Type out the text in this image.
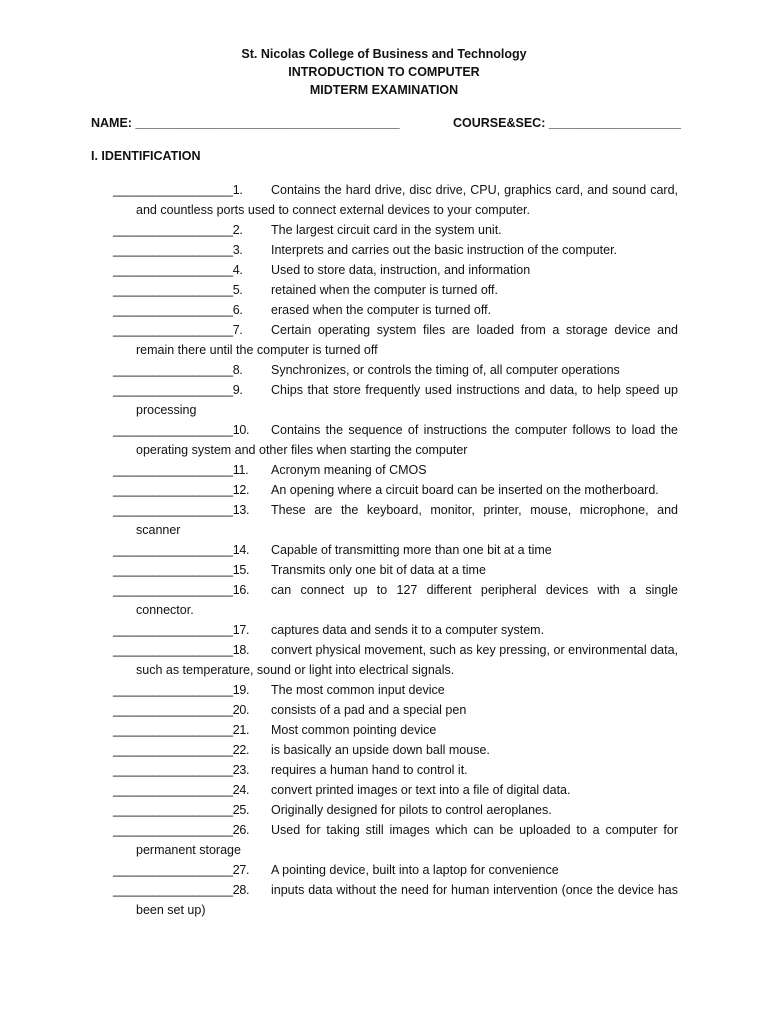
St. Nicolas College of Business and Technology
INTRODUCTION TO COMPUTER
MIDTERM EXAMINATION
NAME: ______________________________________	COURSE&SEC: ___________________
I. IDENTIFICATION
__________________1.	Contains the hard drive, disc drive, CPU, graphics card, and sound card, and countless ports used to connect external devices to your computer.
__________________2.	The largest circuit card in the system unit.
__________________3.	Interprets and carries out the basic instruction of the computer.
__________________4.	Used to store data, instruction, and information
__________________5.	retained when the computer is turned off.
__________________6.	erased when the computer is turned off.
__________________7.	Certain operating system files are loaded from a storage device and remain there until the computer is turned off
__________________8.	Synchronizes, or controls the timing of, all computer operations
__________________9.	Chips that store frequently used instructions and data, to help speed up processing
__________________10.	Contains the sequence of instructions the computer follows to load the operating system and other files when starting the computer
__________________11.	Acronym meaning of CMOS
__________________12.	An opening where a circuit board can be inserted on the motherboard.
__________________13.	These are the keyboard, monitor, printer, mouse, microphone, and scanner
__________________14.	Capable of transmitting more than one bit at a time
__________________15.	Transmits only one bit of data at a time
__________________16.	can connect up to 127 different peripheral devices with a single connector.
__________________17.	captures data and sends it to a computer system.
__________________18.	convert physical movement, such as key pressing, or environmental data, such as temperature, sound or light into electrical signals.
__________________19.	The most common input device
__________________20.	consists of a pad and a special pen
__________________21.	Most common pointing device
__________________22.	is basically an upside down ball mouse.
__________________23.	requires a human hand to control it.
__________________24.	convert printed images or text into a file of digital data.
__________________25.	Originally designed for pilots to control aeroplanes.
__________________26.	Used for taking still images which can be uploaded to a computer for permanent storage
__________________27.	A pointing device, built into a laptop for convenience
__________________28.	inputs data without the need for human intervention (once the device has been set up)
